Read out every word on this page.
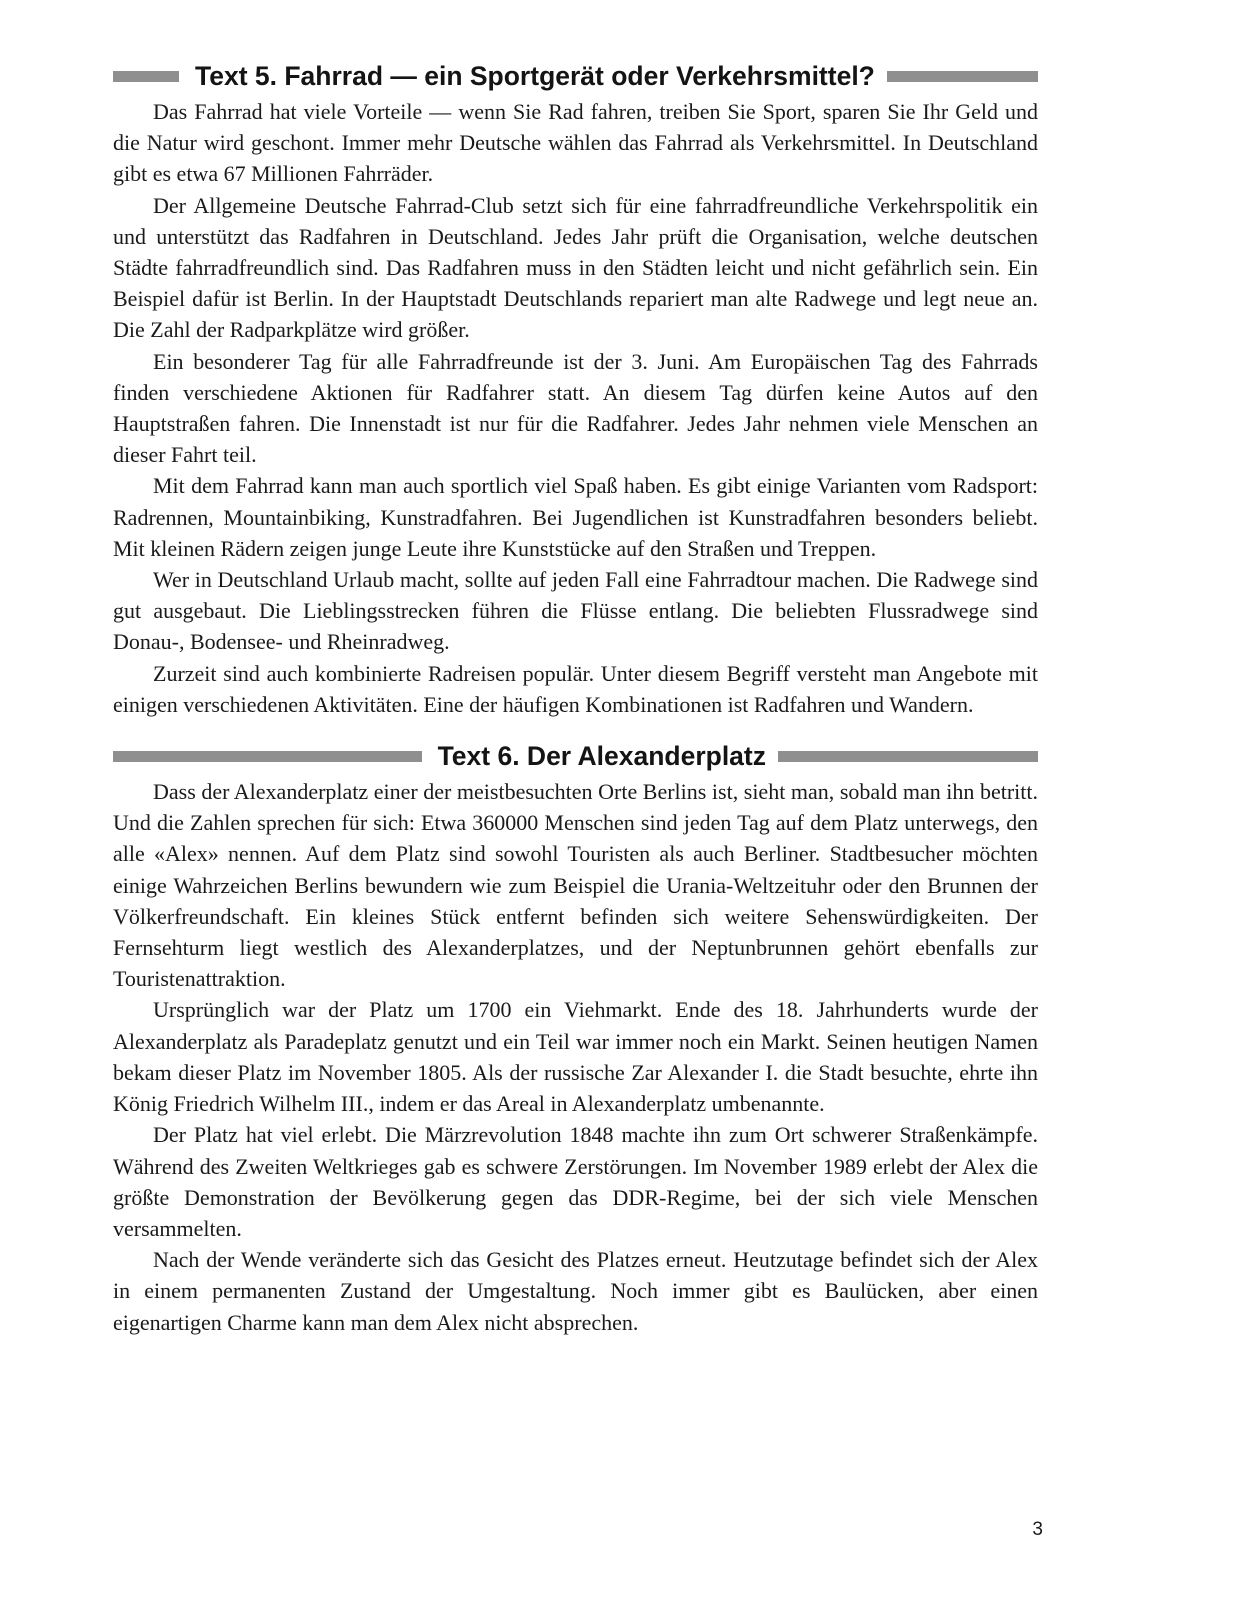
Text 5. Fahrrad — ein Sportgerät oder Verkehrsmittel?

Das Fahrrad hat viele Vorteile — wenn Sie Rad fahren, treiben Sie Sport, sparen Sie Ihr Geld und die Natur wird geschont. Immer mehr Deutsche wählen das Fahrrad als Verkehrsmittel. In Deutschland gibt es etwa 67 Millionen Fahrräder.

Der Allgemeine Deutsche Fahrrad-Club setzt sich für eine fahrradfreundliche Verkehrspolitik ein und unterstützt das Radfahren in Deutschland. Jedes Jahr prüft die Organisation, welche deutschen Städte fahrradfreundlich sind. Das Radfahren muss in den Städten leicht und nicht gefährlich sein. Ein Beispiel dafür ist Berlin. In der Hauptstadt Deutschlands repariert man alte Radwege und legt neue an. Die Zahl der Radparkplätze wird größer.

Ein besonderer Tag für alle Fahrradfreunde ist der 3. Juni. Am Europäischen Tag des Fahrrads finden verschiedene Aktionen für Radfahrer statt. An diesem Tag dürfen keine Autos auf den Hauptstraßen fahren. Die Innenstadt ist nur für die Radfahrer. Jedes Jahr nehmen viele Menschen an dieser Fahrt teil.

Mit dem Fahrrad kann man auch sportlich viel Spaß haben. Es gibt einige Varianten vom Radsport: Radrennen, Mountainbiking, Kunstradfahren. Bei Jugendlichen ist Kunstradfahren besonders beliebt. Mit kleinen Rädern zeigen junge Leute ihre Kunststücke auf den Straßen und Treppen.

Wer in Deutschland Urlaub macht, sollte auf jeden Fall eine Fahrradtour machen. Die Radwege sind gut ausgebaut. Die Lieblingsstrecken führen die Flüsse entlang. Die beliebten Flussradwege sind Donau-, Bodensee- und Rheinradweg.

Zurzeit sind auch kombinierte Radreisen populär. Unter diesem Begriff versteht man Angebote mit einigen verschiedenen Aktivitäten. Eine der häufigen Kombinationen ist Radfahren und Wandern.

Text 6. Der Alexanderplatz

Dass der Alexanderplatz einer der meistbesuchten Orte Berlins ist, sieht man, sobald man ihn betritt. Und die Zahlen sprechen für sich: Etwa 360000 Menschen sind jeden Tag auf dem Platz unterwegs, den alle «Alex» nennen. Auf dem Platz sind sowohl Touristen als auch Berliner. Stadtbesucher möchten einige Wahrzeichen Berlins bewundern wie zum Beispiel die Urania-Weltzeituhr oder den Brunnen der Völkerfreundschaft. Ein kleines Stück entfernt befinden sich weitere Sehenswürdigkeiten. Der Fernsehturm liegt westlich des Alexanderplatzes, und der Neptunbrunnen gehört ebenfalls zur Touristenattraktion.

Ursprünglich war der Platz um 1700 ein Viehmarkt. Ende des 18. Jahrhunderts wurde der Alexanderplatz als Paradeplatz genutzt und ein Teil war immer noch ein Markt. Seinen heutigen Namen bekam dieser Platz im November 1805. Als der russische Zar Alexander I. die Stadt besuchte, ehrte ihn König Friedrich Wilhelm III., indem er das Areal in Alexanderplatz umbenannte.

Der Platz hat viel erlebt. Die Märzrevolution 1848 machte ihn zum Ort schwerer Straßenkämpfe. Während des Zweiten Weltkrieges gab es schwere Zerstörungen. Im November 1989 erlebt der Alex die größte Demonstration der Bevölkerung gegen das DDR-Regime, bei der sich viele Menschen versammelten.

Nach der Wende veränderte sich das Gesicht des Platzes erneut. Heutzutage befindet sich der Alex in einem permanenten Zustand der Umgestaltung. Noch immer gibt es Baulücken, aber einen eigenartigen Charme kann man dem Alex nicht absprechen.

3
